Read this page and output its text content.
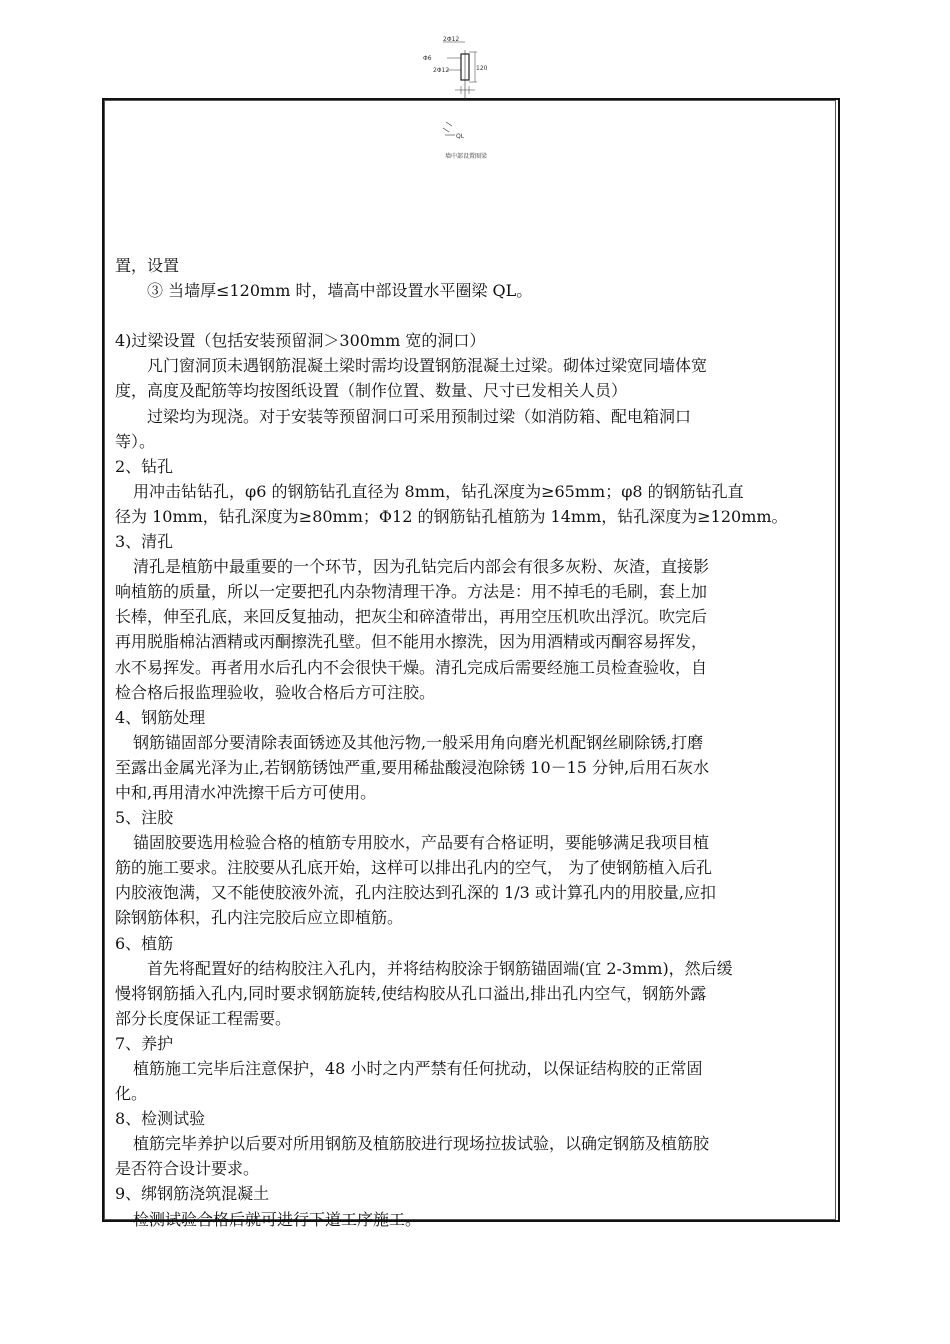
2Φ12
Φ6
2Φ12	120
QL
墙中部设置圈梁
置，设置
③ 当墙厚≤120mm 时，墙高中部设置水平圈梁 QL。
4)过梁设置（包括安装预留洞＞300mm 宽的洞口）
凡门窗洞顶未遇钢筋混凝土梁时需均设置钢筋混凝土过梁。砌体过梁宽同墙体宽
度，高度及配筋等均按图纸设置（制作位置、数量、尺寸已发相关人员）
过梁均为现浇。对于安装等预留洞口可采用预制过梁（如消防箱、配电箱洞口
等）。
2、钻孔
用冲击钻钻孔，φ6 的钢筋钻孔直径为 8mm，钻孔深度为≥65mm；φ8 的钢筋钻孔直
径为 10mm，钻孔深度为≥80mm；Φ12 的钢筋钻孔植筋为 14mm，钻孔深度为≥120mm。
3、清孔
清孔是植筋中最重要的一个环节，因为孔钻完后内部会有很多灰粉、灰渣，直接影
响植筋的质量，所以一定要把孔内杂物清理干净。方法是：用不掉毛的毛刷，套上加
长棒，伸至孔底，来回反复抽动，把灰尘和碎渣带出，再用空压机吹出浮沉。吹完后
再用脱脂棉沾酒精或丙酮擦洗孔壁。但不能用水擦洗，因为用酒精或丙酮容易挥发，
水不易挥发。再者用水后孔内不会很快干燥。清孔完成后需要经施工员检查验收，自
检合格后报监理验收，验收合格后方可注胶。
4、钢筋处理
钢筋锚固部分要清除表面锈迹及其他污物,一般采用角向磨光机配钢丝刷除锈,打磨
至露出金属光泽为止,若钢筋锈蚀严重,要用稀盐酸浸泡除锈 10－15 分钟,后用石灰水
中和,再用清水冲洗擦干后方可使用。
5、注胶
锚固胶要选用检验合格的植筋专用胶水，产品要有合格证明，要能够满足我项目植
筋的施工要求。注胶要从孔底开始，这样可以排出孔内的空气， 为了使钢筋植入后孔
内胶液饱满，又不能使胶液外流，孔内注胶达到孔深的 1/3 或计算孔内的用胶量,应扣
除钢筋体积，孔内注完胶后应立即植筋。
6、植筋
首先将配置好的结构胶注入孔内，并将结构胶涂于钢筋锚固端(宜 2-3mm)，然后缓
慢将钢筋插入孔内,同时要求钢筋旋转,使结构胶从孔口溢出,排出孔内空气，钢筋外露
部分长度保证工程需要。
7、养护
植筋施工完毕后注意保护，48 小时之内严禁有任何扰动，以保证结构胶的正常固
化。
8、检测试验
植筋完毕养护以后要对所用钢筋及植筋胶进行现场拉拔试验，以确定钢筋及植筋胶
是否符合设计要求。
9、绑钢筋浇筑混凝土
检测试验合格后就可进行下道工序施工。
